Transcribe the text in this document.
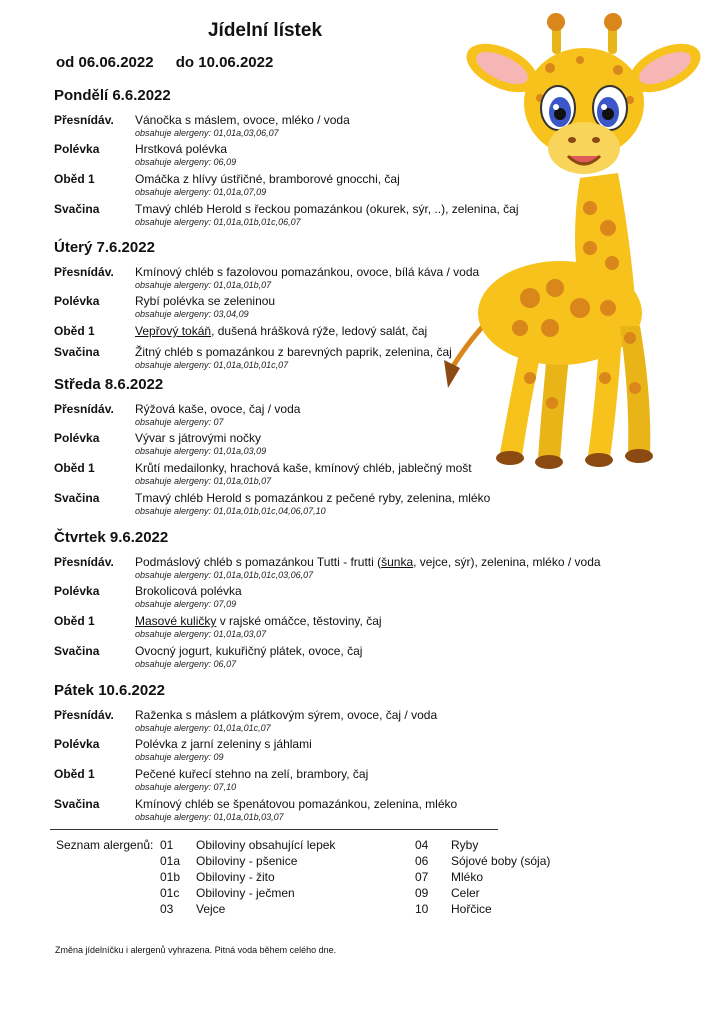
Jídelní lístek
od 06.06.2022 do 10.06.2022
Pondělí 6.6.2022
Přesnídáv. Vánočka s máslem, ovoce, mléko / voda
obsahuje alergeny: 01,01a,03,06,07
Polévka	Hrstková polévka
obsahuje alergeny: 06,09
Oběd 1	Omáčka z hlívy ústřičné, bramborové gnocchi, čaj
obsahuje alergeny: 01,01a,07,09
Svačina	Tmavý chléb Herold s řeckou pomazánkou (okurek, sýr, ..), zelenina, čaj
obsahuje alergeny: 01,01a,01b,01c,06,07
Úterý 7.6.2022
Přesnídáv. Kmínový chléb s fazolovou pomazánkou, ovoce, bílá káva / voda
obsahuje alergeny: 01,01a,01b,07
Polévka	Rybí polévka se zeleninou
obsahuje alergeny: 03,04,09
Oběd 1	Vepřový tokáň, dušená hrášková rýže, ledový salát, čaj
Svačina	Žitný chléb s pomazánkou z barevných paprik, zelenina, čaj
obsahuje alergeny: 01,01a,01b,01c,07
Středa 8.6.2022
Přesnídáv. Rýžová kaše, ovoce, čaj / voda
obsahuje alergeny: 07
Polévka	Vývar s játrovými nočky
obsahuje alergeny: 01,01a,03,09
Oběd 1	Krůtí medailonky, hrachová kaše, kmínový chléb, jablečný mošt
obsahuje alergeny: 01,01a,01b,07
Svačina	Tmavý chléb Herold s pomazánkou z pečené ryby, zelenina, mléko
obsahuje alergeny: 01,01a,01b,01c,04,06,07,10
Čtvrtek 9.6.2022
Přesnídáv. Podmáslový chléb s pomazánkou Tutti - frutti (šunka, vejce, sýr), zelenina, mléko / voda
obsahuje alergeny: 01,01a,01b,01c,03,06,07
Polévka	Brokolicová polévka
obsahuje alergeny: 07,09
Oběd 1	Masové kuličky v rajské omáčce, těstoviny, čaj
obsahuje alergeny: 01,01a,03,07
Svačina	Ovocný jogurt, kukuřičný plátek, ovoce, čaj
obsahuje alergeny: 06,07
Pátek 10.6.2022
Přesnídáv. Raženka s máslem a plátkovým sýrem, ovoce, čaj / voda
obsahuje alergeny: 01,01a,01c,07
Polévka	Polévka z jarní zeleniny s jáhlami
obsahuje alergeny: 09
Oběd 1	Pečené kuřecí stehno na zelí, brambory, čaj
obsahuje alergeny: 07,10
Svačina	Kmínový chléb se špenátovou pomazánkou, zelenina, mléko
obsahuje alergeny: 01,01a,01b,03,07
Seznam alergenů: 01 Obiloviny obsahující lepek
01a Obiloviny - pšenice
01b Obiloviny - žito
01c Obiloviny - ječmen
03 Vejce
04 Ryby
06 Sójové boby (sója)
07 Mléko
09 Celer
10 Hořčice
Změna jídelníčku i alergenů vyhrazena. Pitná voda během celého dne.
